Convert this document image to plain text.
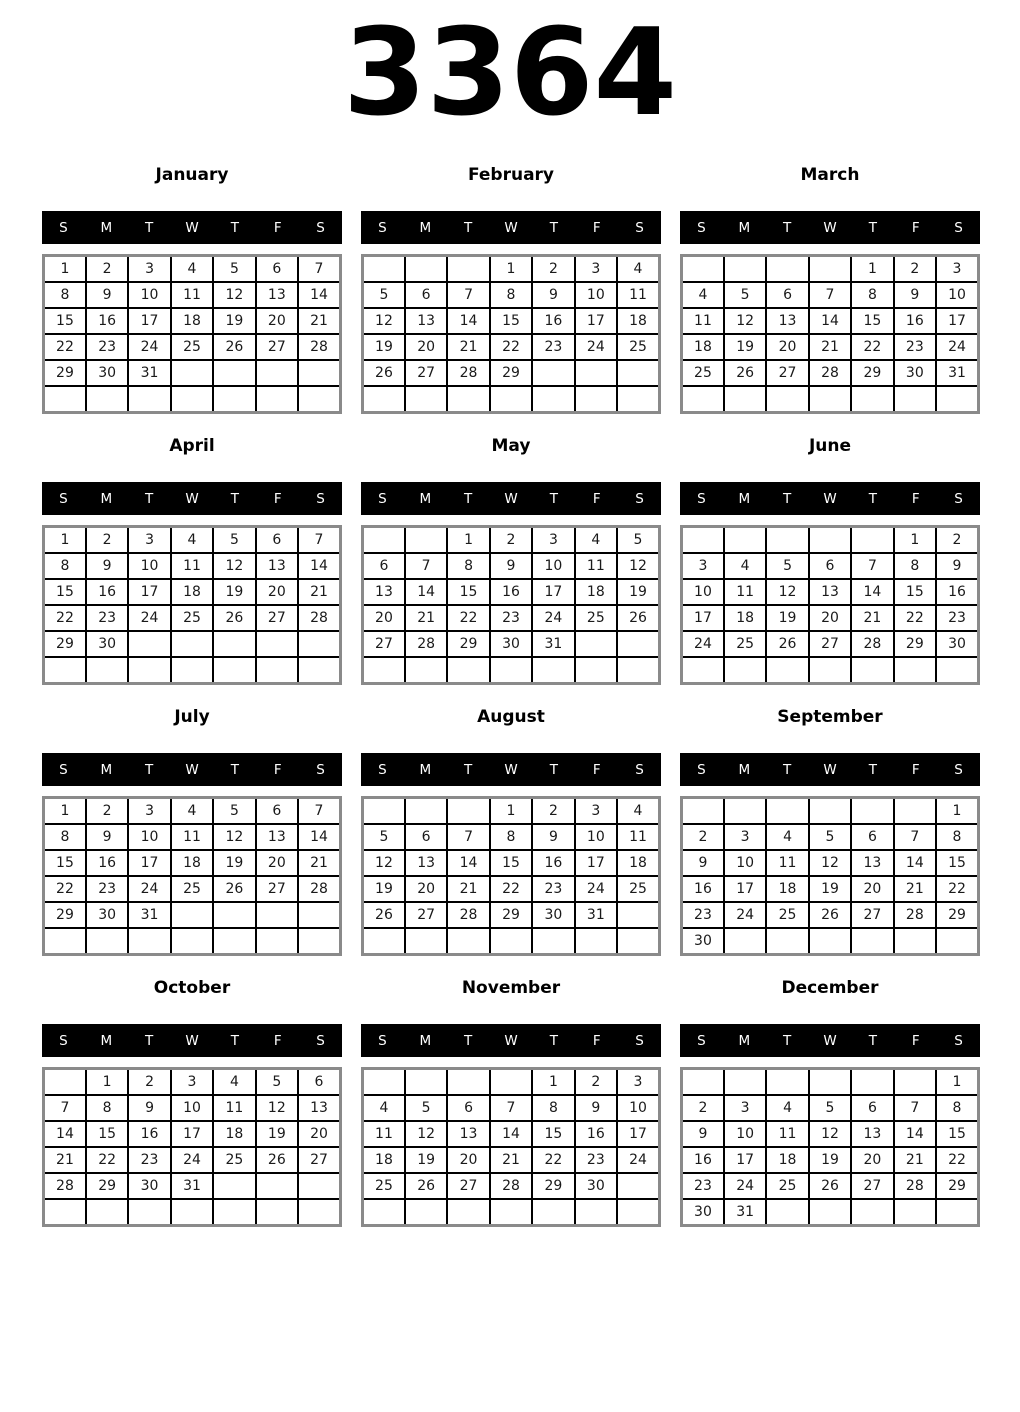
3364
January
S M T W T	F	S
1	2	3	4	5	6	7
8	9	10	11	12	13	14
15	16	17	18	19	20	21
22	23	24	25	26	27	28
29	30	31				

February
S M T W T	F	S
			1	2	3	4
5	6	7	8	9	10	11
12	13	14	15	16	17	18
19	20	21	22	23	24	25
26	27	28	29			

March
S M T W T	F	S
				1	2	3
4	5	6	7	8	9	10
11	12	13	14	15	16	17
18	19	20	21	22	23	24
25	26	27	28	29	30	31

April
S M T W T	F	S
1	2	3	4	5	6	7
8	9	10	11	12	13	14
15	16	17	18	19	20	21
22	23	24	25	26	27	28
29	30					

May
S M T W T	F	S
		1	2	3	4	5
6	7	8	9	10	11	12
13	14	15	16	17	18	19
20	21	22	23	24	25	26
27	28	29	30	31		

June
S M T W T	F	S
					1	2
3	4	5	6	7	8	9
10	11	12	13	14	15	16
17	18	19	20	21	22	23
24	25	26	27	28	29	30

July
S M T W T	F	S
1	2	3	4	5	6	7
8	9	10	11	12	13	14
15	16	17	18	19	20	21
22	23	24	25	26	27	28
29	30	31				

August
S M T W T	F	S
			1	2	3	4
5	6	7	8	9	10	11
12	13	14	15	16	17	18
19	20	21	22	23	24	25
26	27	28	29	30	31	

September
S M T W T	F	S
						1
2	3	4	5	6	7	8
9	10	11	12	13	14	15
16	17	18	19	20	21	22
23	24	25	26	27	28	29
30						
October
S M T W T	F	S
	1	2	3	4	5	6
7	8	9	10	11	12	13
14	15	16	17	18	19	20
21	22	23	24	25	26	27
28	29	30	31			

November
S M T W T	F	S
				1	2	3
4	5	6	7	8	9	10
11	12	13	14	15	16	17
18	19	20	21	22	23	24
25	26	27	28	29	30	

December
S M T W T	F	S
						1
2	3	4	5	6	7	8
9	10	11	12	13	14	15
16	17	18	19	20	21	22
23	24	25	26	27	28	29
30	31					
